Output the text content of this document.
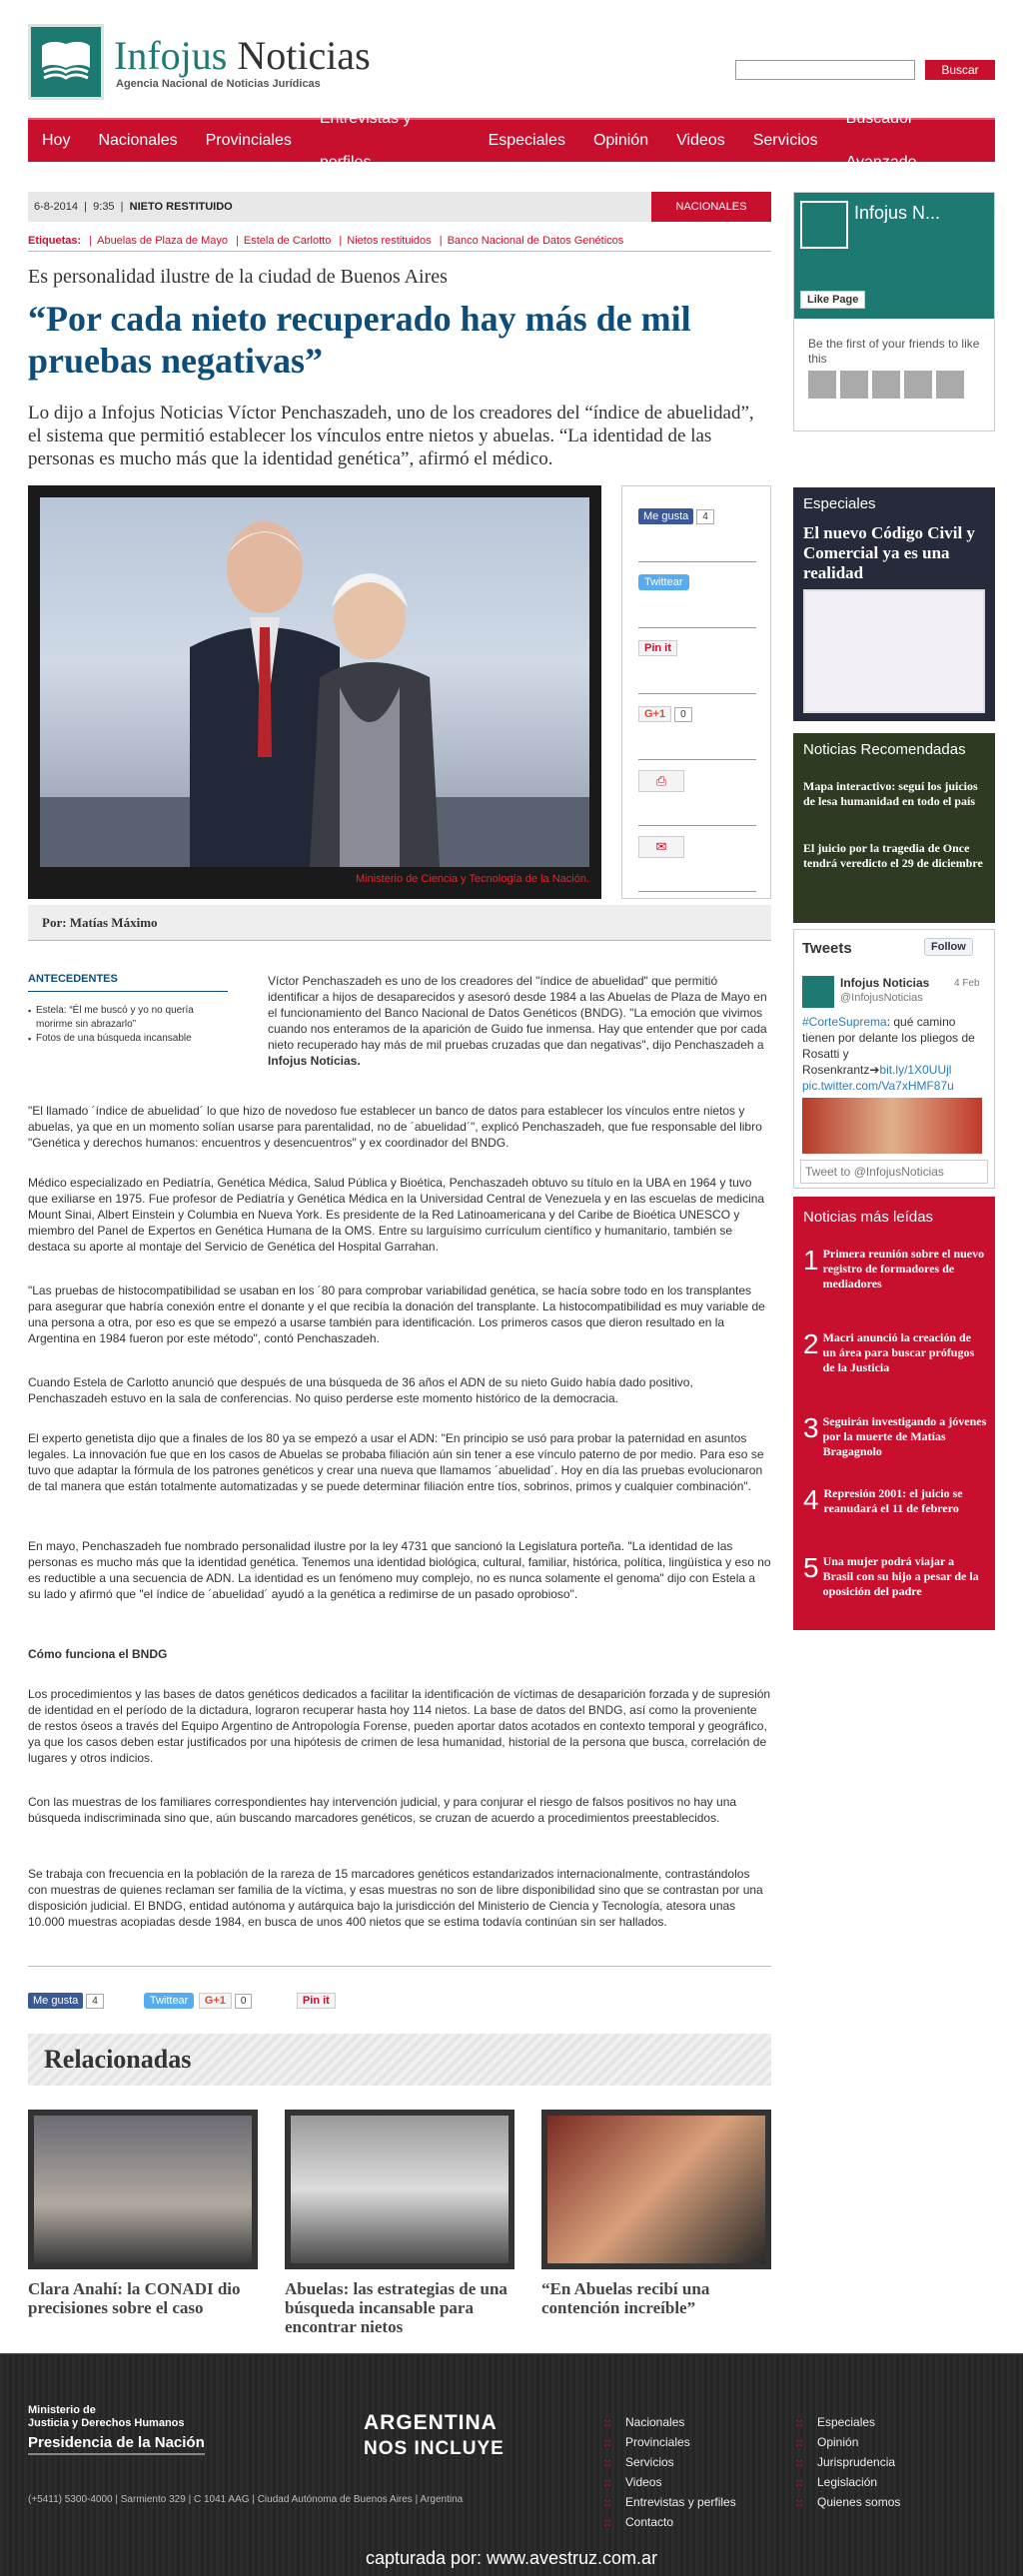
Infojus Noticias
Agencia Nacional de Noticias Jurídicas
Buscar
Hoy	Nacionales	Provinciales
Entrevistas y perfiles
Especiales	Opinión	Videos	Servicios
Buscador Avanzado
6-8-2014  |  9:35  |  NIETO RESTITUIDO	NACIONALES
Etiquetas: | Abuelas de Plaza de Mayo | Estela de Carlotto | Nietos restituidos | Banco Nacional de Datos Genéticos
Es personalidad ilustre de la ciudad de Buenos Aires
“Por cada nieto recuperado hay más de mil pruebas negativas”
Lo dijo a Infojus Noticias Víctor Penchaszadeh, uno de los creadores del “índice de abuelidad”, el sistema que permitió establecer los vínculos entre nietos y abuelas. “La identidad de las personas es mucho más que la identidad genética”, afirmó el médico.
Ministerio de Ciencia y Tecnología de la Nación.
Me gusta 4
Twittear
Pin it
G+1 0
⎙
✉
Por: Matías Máximo
ANTECEDENTES
▪ Estela: “Él me buscó y yo no quería morirme sin abrazarlo”
▪ Fotos de una búsqueda incansable
Víctor Penchaszadeh es uno de los creadores del "índice de abuelidad" que permitió identificar a hijos de desaparecidos y asesoró desde 1984 a las Abuelas de Plaza de Mayo en el funcionamiento del Banco Nacional de Datos Genéticos (BNDG). "La emoción que vivimos cuando nos enteramos de la aparición de Guido fue inmensa. Hay que entender que por cada nieto recuperado hay más de mil pruebas cruzadas que dan negativas", dijo Penchaszadeh a Infojus Noticias.
"El llamado ´índice de abuelidad´ lo que hizo de novedoso fue establecer un banco de datos para establecer los vínculos entre nietos y abuelas, ya que en un momento solían usarse para parentalidad, no de ´abuelidad´", explicó Penchaszadeh, que fue responsable del libro "Genética y derechos humanos: encuentros y desencuentros" y ex coordinador del BNDG.
Médico especializado en Pediatría, Genética Médica, Salud Pública y Bioética, Penchaszadeh obtuvo su título en la UBA en 1964 y tuvo que exiliarse en 1975. Fue profesor de Pediatría y Genética Médica en la Universidad Central de Venezuela y en las escuelas de medicina Mount Sinai, Albert Einstein y Columbia en Nueva York. Es presidente de la Red Latinoamericana y del Caribe de Bioética UNESCO y miembro del Panel de Expertos en Genética Humana de la OMS. Entre su larguísimo currículum científico y humanitario, también se destaca su aporte al montaje del Servicio de Genética del Hospital Garrahan.
"Las pruebas de histocompatibilidad se usaban en los ´80 para comprobar variabilidad genética, se hacía sobre todo en los transplantes para asegurar que habría conexión entre el donante y el que recibía la donación del transplante. La histocompatibilidad es muy variable de una persona a otra, por eso es que se empezó a usarse también para identificación. Los primeros casos que dieron resultado en la Argentina en 1984 fueron por este método", contó Penchaszadeh.
Cuando Estela de Carlotto anunció que después de una búsqueda de 36 años el ADN de su nieto Guido había dado positivo, Penchaszadeh estuvo en la sala de conferencias. No quiso perderse este momento histórico de la democracia.
El experto genetista dijo que a finales de los 80 ya se empezó a usar el ADN: "En principio se usó para probar la paternidad en asuntos legales. La innovación fue que en los casos de Abuelas se probaba filiación aún sin tener a ese vínculo paterno de por medio. Para eso se tuvo que adaptar la fórmula de los patrones genéticos y crear una nueva que llamamos ´abuelidad´. Hoy en día las pruebas evolucionaron de tal manera que están totalmente automatizadas y se puede determinar filiación entre tíos, sobrinos, primos y cualquier combinación".
En mayo, Penchaszadeh fue nombrado personalidad ilustre por la ley 4731 que sancionó la Legislatura porteña. "La identidad de las personas es mucho más que la identidad genética. Tenemos una identidad biológica, cultural, familiar, histórica, política, lingüística y eso no es reductible a una secuencia de ADN. La identidad es un fenómeno muy complejo, no es nunca solamente el genoma" dijo con Estela a su lado y afirmó que "el índice de ´abuelidad´ ayudó a la genética a redimirse de un pasado oprobioso".
Cómo funciona el BNDG
Los procedimientos y las bases de datos genéticos dedicados a facilitar la identificación de víctimas de desaparición forzada y de supresión de identidad en el período de la dictadura, lograron recuperar hasta hoy 114 nietos. La base de datos del BNDG, así como la proveniente de restos óseos a través del Equipo Argentino de Antropología Forense, pueden aportar datos acotados en contexto temporal y geográfico, ya que los casos deben estar justificados por una hipótesis de crimen de lesa humanidad, historial de la persona que busca, correlación de lugares y otros indicios.
Con las muestras de los familiares correspondientes hay intervención judicial, y para conjurar el riesgo de falsos positivos no hay una búsqueda indiscriminada sino que, aún buscando marcadores genéticos, se cruzan de acuerdo a procedimientos preestablecidos.
Se trabaja con frecuencia en la población de la rareza de 15 marcadores genéticos estandarizados internacionalmente, contrastándolos con muestras de quienes reclaman ser familia de la víctima, y esas muestras no son de libre disponibilidad sino que se contrastan por una disposición judicial. El BNDG, entidad autónoma y autárquica bajo la jurisdicción del Ministerio de Ciencia y Tecnología, atesora unas 10.000 muestras acopiadas desde 1984, en busca de unos 400 nietos que se estima todavía continúan sin ser hallados.
Me gusta 4	Twittear G+1 0	Pin it
Relacionadas
Clara Anahí: la CONADI dio precisiones sobre el caso
Abuelas: las estrategias de una búsqueda incansable para encontrar nietos
“En Abuelas recibí una contención increíble”
Infojus N...
Like Page
Be the first of your friends to like this
Especiales
El nuevo Código Civil y Comercial ya es una realidad
Noticias Recomendadas
Mapa interactivo: seguí los juicios de lesa humanidad en todo el país
El juicio por la tragedia de Once tendrá veredicto el 29 de diciembre
Tweets	Follow
Infojus Noticias
@InfojusNoticias
4 Feb
#CorteSuprema: qué camino tienen por delante los pliegos de Rosatti y Rosenkrantz➔bit.ly/1X0UUjl pic.twitter.com/Va7xHMF87u
Tweet to @InfojusNoticias
Noticias más leídas
1 Primera reunión sobre el nuevo registro de formadores de mediadores
2 Macri anunció la creación de un área para buscar prófugos de la Justicia
3 Seguirán investigando a jóvenes por la muerte de Matías Bragagnolo
4 Represión 2001: el juicio se reanudará el 11 de febrero
5 Una mujer podrá viajar a Brasil con su hijo a pesar de la oposición del padre
Ministerio de
Justicia y Derechos Humanos
Presidencia de la Nación
ARGENTINA
NOS INCLUYE
(+5411) 5300-4000 | Sarmiento 329 | C 1041 AAG | Ciudad Autónoma de Buenos Aires | Argentina
:: Nacionales
:: Provinciales
:: Servicios
:: Videos
:: Entrevistas y perfiles
:: Contacto
:: Especiales
:: Opinión
:: Jurisprudencia
:: Legislación
:: Quienes somos
capturada por: www.avestruz.com.ar
